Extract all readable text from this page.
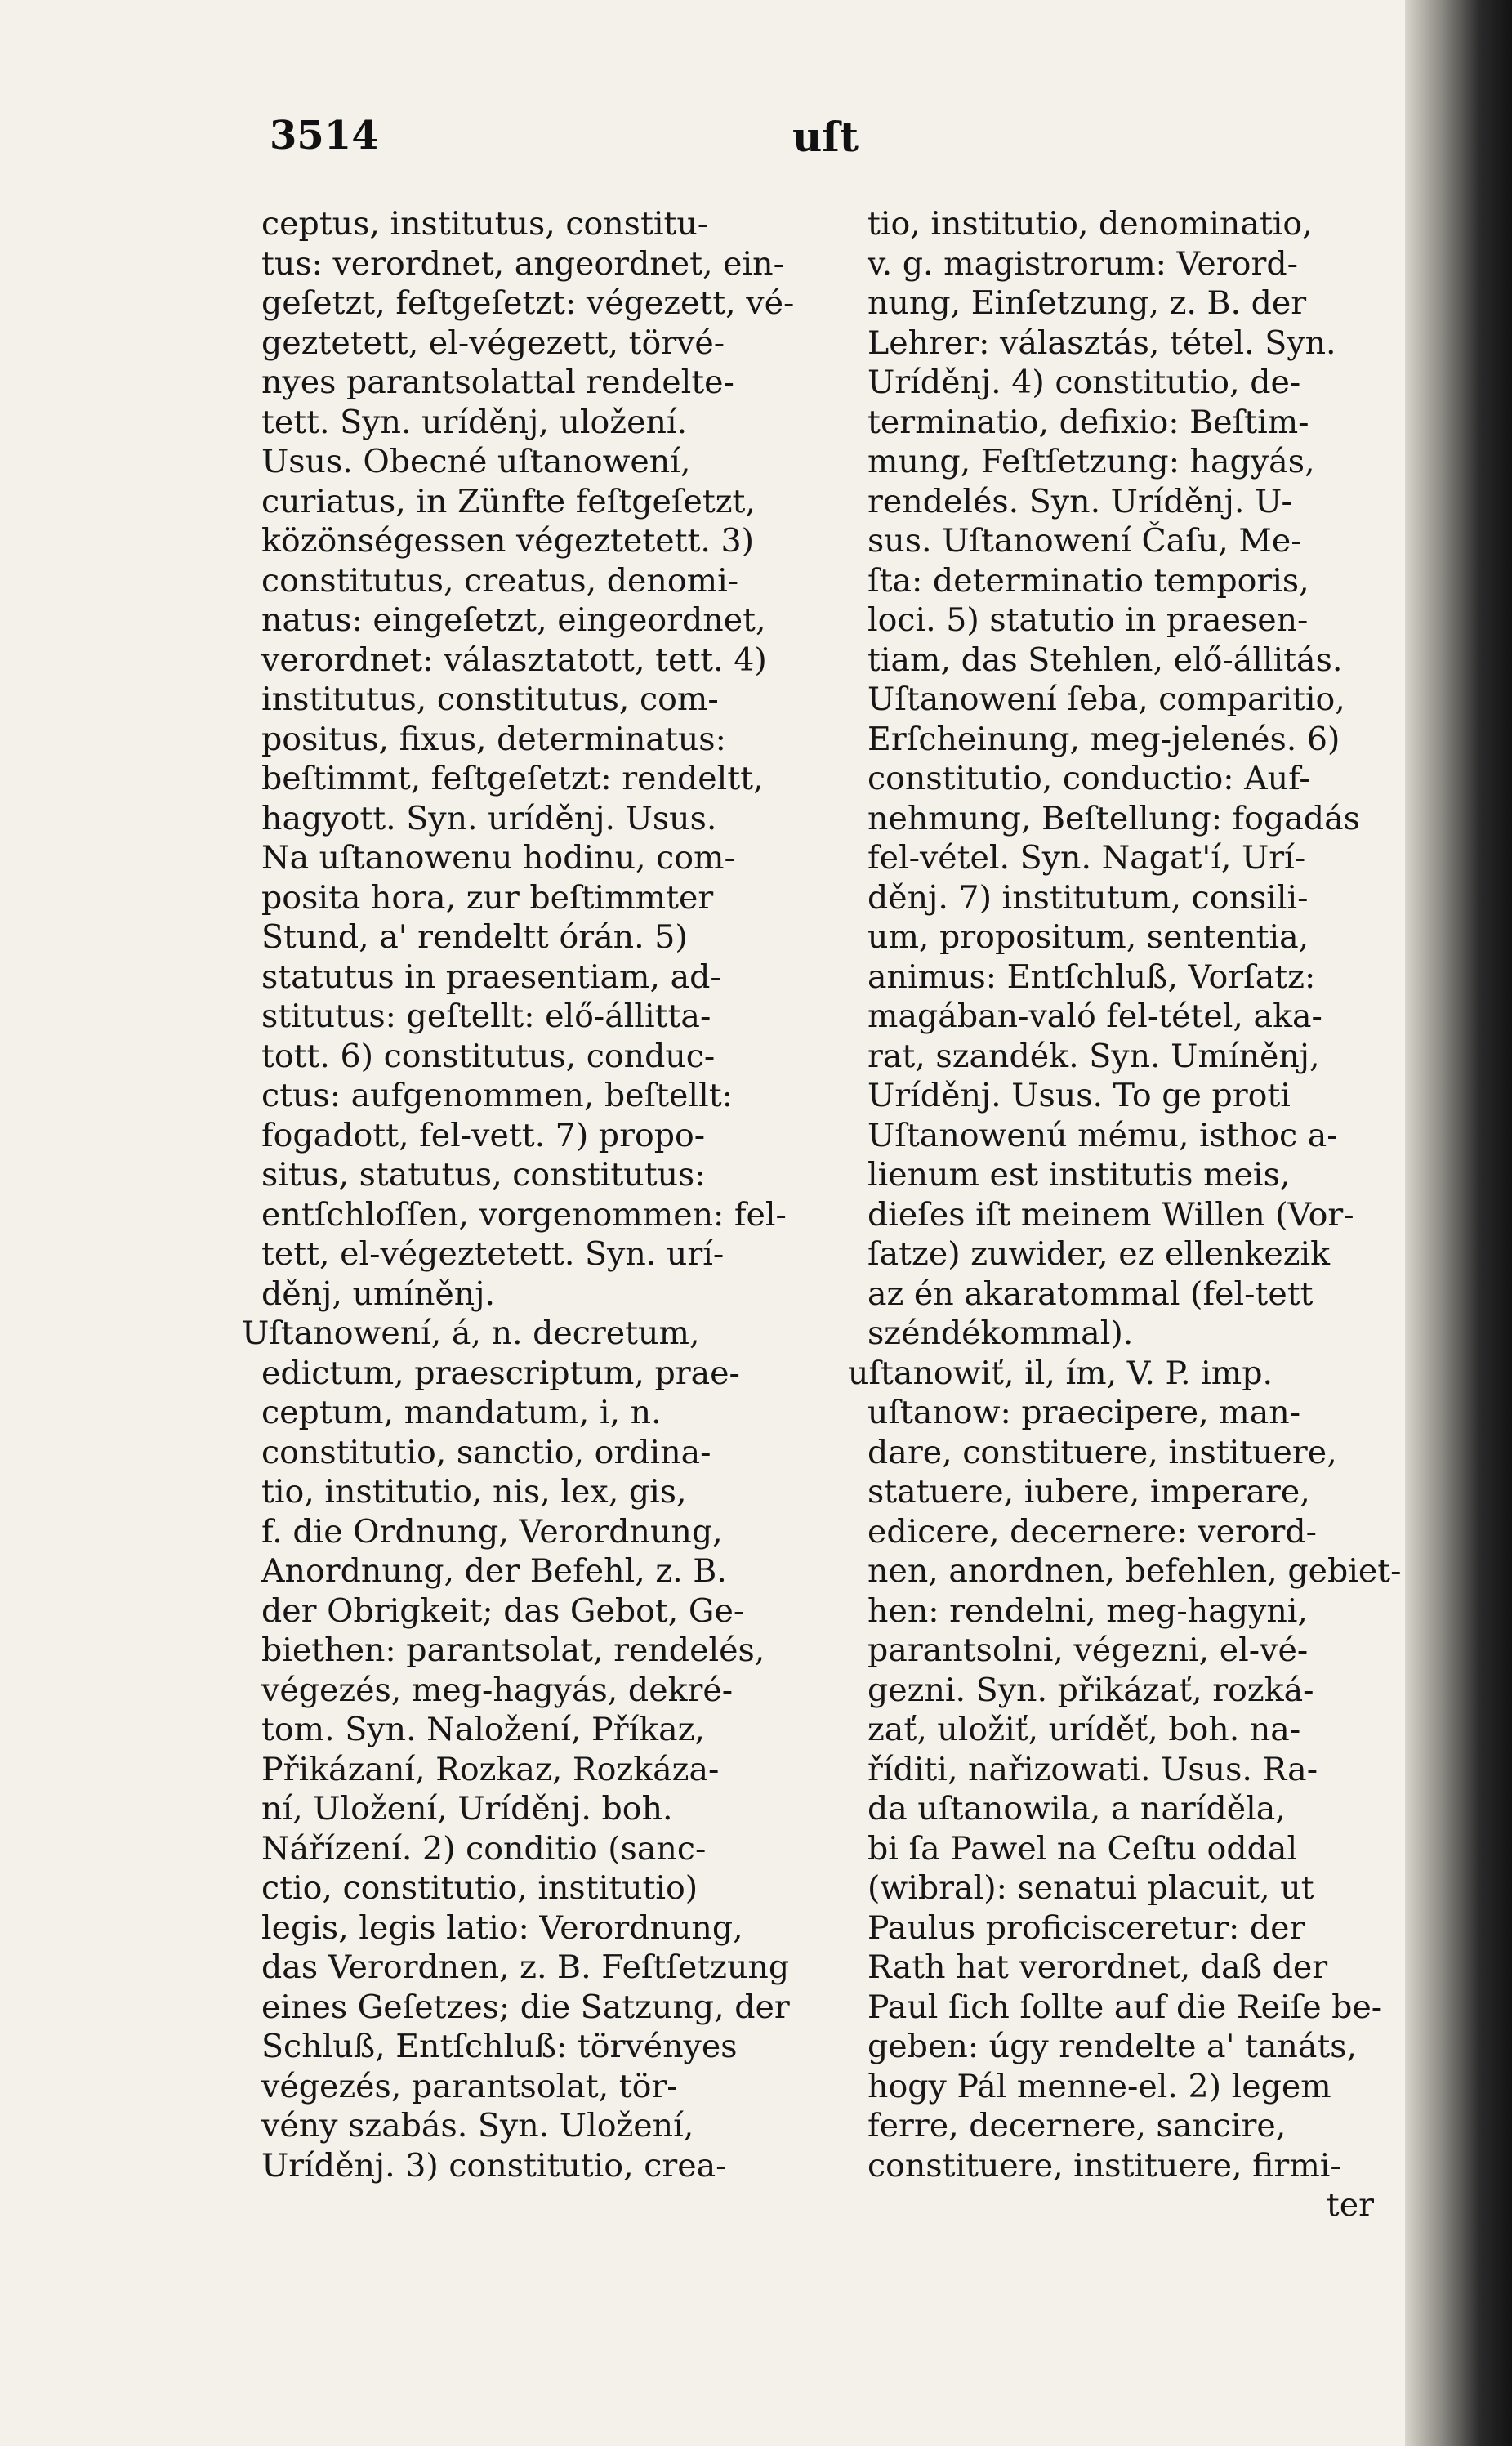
3514	uſt
ceptus, institutus, constitu-
tus: verordnet, angeordnet, ein-
geſetzt, feſtgeſetzt: végezett, vé-
geztetett, el-végezett, törvé-
nyes parantsolattal rendelte-
tett. Syn. uríděnj, uložení.
Usus. Obecné uſtanowení,
curiatus, in Zünfte feſtgeſetzt,
közönségessen végeztetett. 3)
constitutus, creatus, denomi-
natus: eingeſetzt, eingeordnet,
verordnet: választatott, tett. 4)
institutus, constitutus, com-
positus, fixus, determinatus:
beſtimmt, feſtgeſetzt: rendeltt,
hagyott. Syn. uríděnj. Usus.
Na uſtanowenu hodinu, com-
posita hora, zur beſtimmter
Stund, a' rendeltt órán. 5)
statutus in praesentiam, ad-
stitutus: geſtellt: elő-állitta-
tott. 6) constitutus, conduc-
ctus: aufgenommen, beſtellt:
fogadott, fel-vett. 7) propo-
situs, statutus, constitutus:
entſchloſſen, vorgenommen: fel-
tett, el-végeztetett. Syn. urí-
děnj, umíněnj.
Uſtanowení, á, n. decretum,
edictum, praescriptum, prae-
ceptum, mandatum, i, n.
constitutio, sanctio, ordina-
tio, institutio, nis, lex, gis,
f. die Ordnung, Verordnung,
Anordnung, der Befehl, z. B.
der Obrigkeit; das Gebot, Ge-
biethen: parantsolat, rendelés,
végezés, meg-hagyás, dekré-
tom. Syn. Naložení, Příkaz,
Přikázaní, Rozkaz, Rozkáza-
ní, Uložení, Uríděnj. boh.
Nářízení. 2) conditio (sanc-
ctio, constitutio, institutio)
legis, legis latio: Verordnung,
das Verordnen, z. B. Feſtſetzung
eines Geſetzes; die Satzung, der
Schluß, Entſchluß: törvényes
végezés, parantsolat, tör-
vény szabás. Syn. Uložení,
Uríděnj. 3) constitutio, crea-
tio, institutio, denominatio,
v. g. magistrorum: Verord-
nung, Einſetzung, z. B. der
Lehrer: választás, tétel. Syn.
Uríděnj. 4) constitutio, de-
terminatio, defixio: Beſtim-
mung, Feſtſetzung: hagyás,
rendelés. Syn. Uríděnj. U-
sus. Uſtanowení Čaſu, Me-
ſta: determinatio temporis,
loci. 5) statutio in praesen-
tiam, das Stehlen, elő-állitás.
Uſtanowení ſeba, comparitio,
Erſcheinung, meg-jelenés. 6)
constitutio, conductio: Auf-
nehmung, Beſtellung: fogadás
fel-vétel. Syn. Nagat'í, Urí-
děnj. 7) institutum, consili-
um, propositum, sententia,
animus: Entſchluß, Vorſatz:
magában-való fel-tétel, aka-
rat, szandék. Syn. Umíněnj,
Uríděnj. Usus. To ge proti
Uſtanowenú mému, isthoc a-
lienum est institutis meis,
dieſes iſt meinem Willen (Vor-
ſatze) zuwider, ez ellenkezik
az én akaratommal (fel-tett
széndékommal).
uſtanowiť, il, ím, V. P. imp.
uſtanow: praecipere, man-
dare, constituere, instituere,
statuere, iubere, imperare,
edicere, decernere: verord-
nen, anordnen, befehlen, gebiet-
hen: rendelni, meg-hagyni,
parantsolni, végezni, el-vé-
gezni. Syn. přikázať, rozká-
zať, uložiť, uríděť, boh. na-
říditi, nařizowati. Usus. Ra-
da uſtanowila, a naríděla,
bi ſa Pawel na Ceſtu oddal
(wibral): senatui placuit, ut
Paulus proficisceretur: der
Rath hat verordnet, daß der
Paul ſich ſollte auf die Reiſe be-
geben: úgy rendelte a' tanáts,
hogy Pál menne-el. 2) legem
ferre, decernere, sancire,
constituere, instituere, firmi-
ter
